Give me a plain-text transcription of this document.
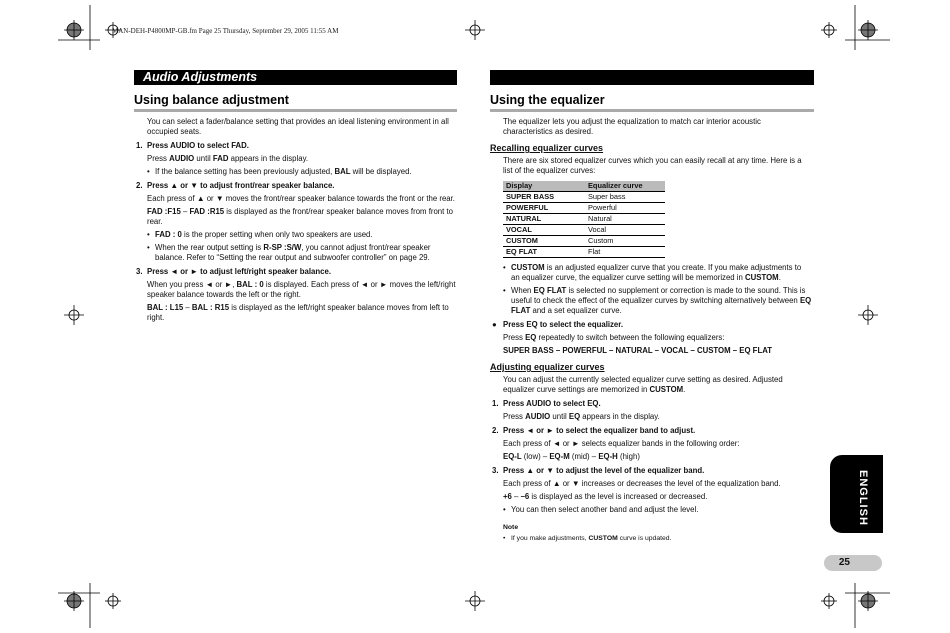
MAN-DEH-P4800MP-GB.fm Page 25 Thursday, September 29, 2005 11:55 AM
Audio Adjustments
Using balance adjustment

You can select a fader/balance setting that provides an ideal listening environment in all occupied seats.

1. Press AUDIO to select FAD.

Press AUDIO until FAD appears in the display.

• If the balance setting has been previously adjusted, BAL will be displayed.

2. Press ▲ or ▼ to adjust front/rear speaker balance.

Each press of ▲ or ▼ moves the front/rear speaker balance towards the front or the rear.

FAD :F15 – FAD :R15 is displayed as the front/rear speaker balance moves from front to rear.

• FAD : 0 is the proper setting when only two speakers are used.

• When the rear output setting is R-SP :S/W, you cannot adjust front/rear speaker balance. Refer to “Setting the rear output and subwoofer controller” on page 29.

3. Press ◄ or ► to adjust left/right speaker balance.

When you press ◄ or ►, BAL : 0 is displayed. Each press of ◄ or ► moves the left/right speaker balance towards the left or the right.

BAL : L15 – BAL : R15 is displayed as the left/right speaker balance moves from left to right.

Using the equalizer

The equalizer lets you adjust the equalization to match car interior acoustic characteristics as desired.

Recalling equalizer curves

There are six stored equalizer curves which you can easily recall at any time. Here is a list of the equalizer curves:

Display	Equalizer curve
SUPER BASS	Super bass
POWERFUL	Powerful
NATURAL	Natural
VOCAL	Vocal
CUSTOM	Custom
EQ FLAT	Flat

• CUSTOM is an adjusted equalizer curve that you create. If you make adjustments to an equalizer curve, the equalizer curve setting will be memorized in CUSTOM.

• When EQ FLAT is selected no supplement or correction is made to the sound. This is useful to check the effect of the equalizer curves by switching alternatively between EQ FLAT and a set equalizer curve.

● Press EQ to select the equalizer.

Press EQ repeatedly to switch between the following equalizers:

SUPER BASS – POWERFUL – NATURAL – VOCAL – CUSTOM – EQ FLAT

Adjusting equalizer curves

You can adjust the currently selected equalizer curve setting as desired. Adjusted equalizer curve settings are memorized in CUSTOM.

1. Press AUDIO to select EQ.

Press AUDIO until EQ appears in the display.

2. Press ◄ or ► to select the equalizer band to adjust.

Each press of ◄ or ► selects equalizer bands in the following order:

EQ-L (low) – EQ-M (mid) – EQ-H (high)

3. Press ▲ or ▼ to adjust the level of the equalizer band.

Each press of ▲ or ▼ increases or decreases the level of the equalization band.

+6 – –6 is displayed as the level is increased or decreased.

• You can then select another band and adjust the level.

Note

• If you make adjustments, CUSTOM curve is updated.

ENGLISH
25
